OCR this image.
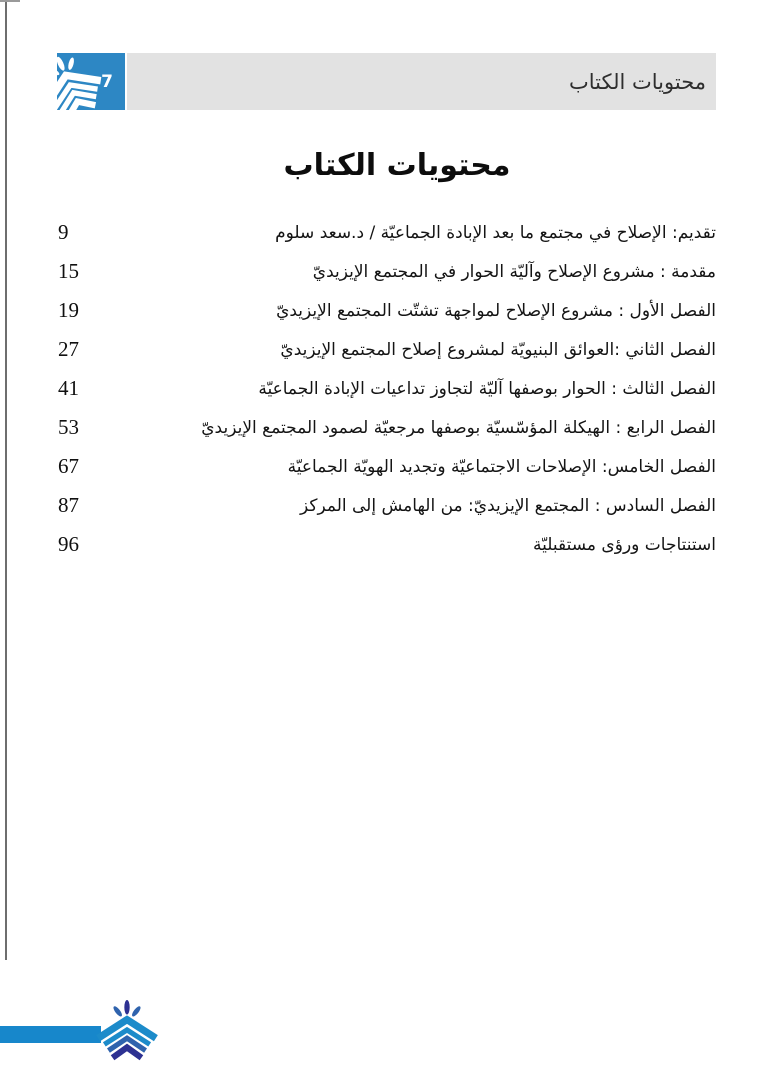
7	محتويات الكتاب
محتويات الكتاب
9	تقديم: الإصلاح في مجتمع ما بعد الإبادة الجماعيّة / د.سعد سلوم
15	مقدمة : مشروع الإصلاح وآليّة الحوار في المجتمع الإيزيديّ
19	الفصل الأول : مشروع الإصلاح لمواجهة تشتّت المجتمع الإيزيديّ
27	الفصل الثاني :العوائق البنيويّة لمشروع إصلاح المجتمع الإيزيديّ
41	الفصل الثالث : الحوار بوصفها آليّة لتجاوز تداعيات الإبادة الجماعيّة
53	الفصل الرابع : الهيكلة المؤسّسيّة بوصفها مرجعيّة لصمود المجتمع الإيزيديّ
67	الفصل الخامس: الإصلاحات الاجتماعيّة وتجديد الهويّة الجماعيّة
87	الفصل السادس : المجتمع الإيزيديّ: من الهامش إلى المركز
96	استنتاجات ورؤى مستقبليّة
